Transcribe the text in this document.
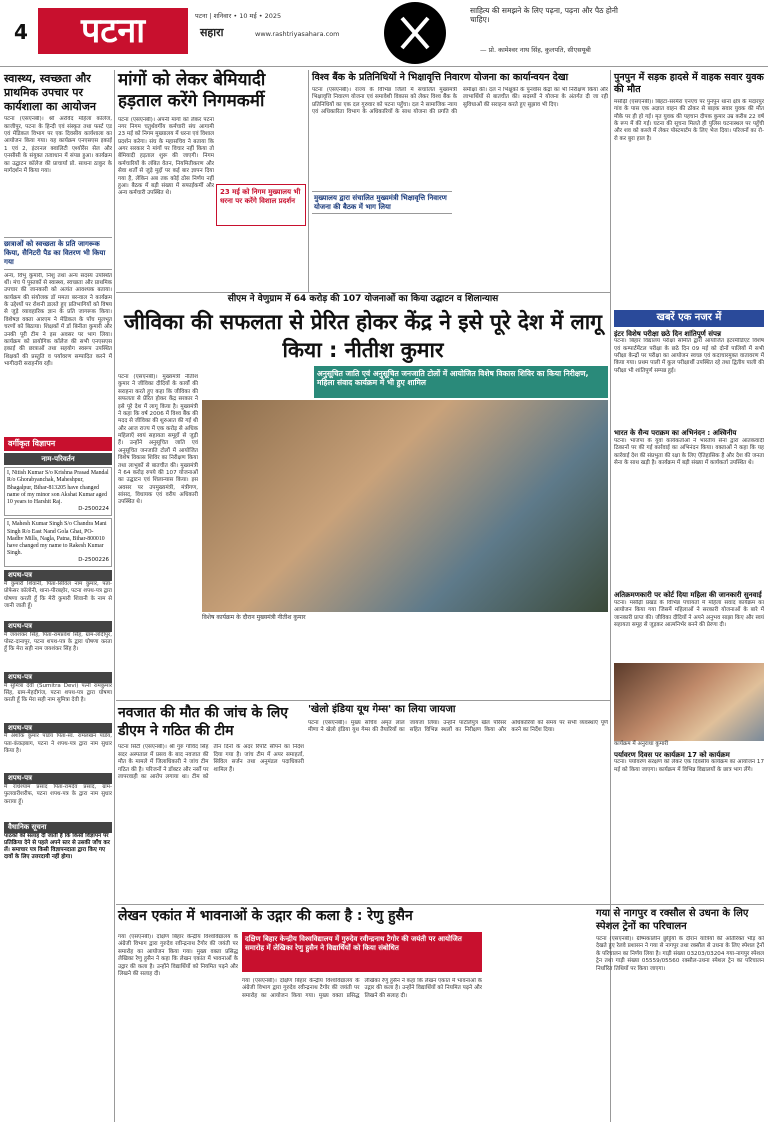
4	पटना	पटना | शनिवार • 10 मई • 2025
सहारा	www.rashtriyasahara.com
साहित्य की समझने के लिए पढ़ना, पढ़ना और पैठ होनी चाहिए।
— प्रो. कामेश्वर नाथ सिंह, कुलपति, सीएसयूबी
स्वास्थ्य, स्वच्छता और प्राथमिक उपचार पर कार्यशाला का आयोजन
पटना (एसएनबी)। श्री अरविंद महिला कॉलेज, काजीपुर, पटना के हिन्दी एवं संस्कृत तथा फर्स्ट एड एवं मेडिकल विभाग पर एक दिवसीय कार्यशाला का आयोजन किया गया। यह कार्यक्रम एनएसएस इकाई 1 एवं 2, इंटरनल क्वालिटी एश्योरेंस सेल और एनसीसी के संयुक्त तत्वाधान में संपन्न हुआ। कार्यक्रम का उद्घाटन कॉलेज की प्राचार्या प्रो. साधना ठाकुर के मार्गदर्शन में किया गया।
छात्राओं को स्वच्छता के प्रति जागरूक किया, सैनिटरी पैड का वितरण भी किया गया
अन्य, विभु कुमारी, निशु तथा अन्य सदस्य उपस्थित थीं। मंच पे पुस्तकों से स्वास्थ्य, स्वच्छता और प्राथमिक उपचार की जानकारी को अत्यंत आवश्यक बताया। कार्यक्रम की संयोजक डॉ ममता बरन्वाल ने कार्यक्रम के उद्देश्यों पर रोशनी डालते हुए प्रतिभागियों को विषय से जुड़े व्यावहारिक ज्ञान के प्रति जागरूक किया। विशेषज्ञ वक्ता आरएम ने मेडिकल के पाँच मूलभूत चरणों को बिठाया। शिक्षकों में डॉ बिनीता कुमारी और उनकी पूरी टीम ने इस अवसर पर भाग लिया। कार्यक्रम को प्रायोगिक कॉलेज की सभी एनएसएस इकाई की छात्राओं तथा सहयोग स्वरूप उपस्थित शिक्षकों की प्रस्तुति व पर्यावरण सम्पादित करने में भागीदारी सराहनीय रही।
वर्गीकृत विज्ञापन
नाम-परिवर्तन
I, Nitish Kumar S/o Krishna Prasad Mandal R/o Ghorabyanchak, Maheshpur, Bhagalpur, Bihar-813205 have changed name of my minor son Akshat Kumar aged 10 years to Harshit Raj.
D-2500224
I, Mahesh Kumar Singh S/o Chandra Mani Singh R/o East Nand Gola Ghat, PO-Madhv Mills, Nagla, Patna, Bihar-800010 have changed my name to Rakesh Kumar Singh.
D-2500226
शपथ-पत्र
मैं कुमारी शिवानी, पिता-सिविल नाम कुमार, पता-प्रोफेसर कॉलोनी, थाना-पीरबहोर, पटना शपथ-पत्र द्वारा घोषणा करती हूँ कि मेरी कुमारी शिवानी के नाम से जानी जाती हूँ।
शपथ-पत्र
मैं जयशंकर सिंह, पिता-रामप्रवेश सिंह, ग्राम-लोदीपुर, पोस्ट-दानापुर, पटना शपथ-पत्र के द्वारा घोषणा करता हूँ कि मेरा सही नाम जयशंकर सिंह है।
शपथ-पत्र
मैं सुमित्रा देवी (Sumitra Devi) पत्नी रामकुमार सिंह, ग्राम-मेहदीगंज, पटना शपथ-पत्र द्वारा घोषणा करती हूँ कि मेरा सही नाम सुमित्रा देवी है।
शपथ-पत्र
मैं अशोक कुमार पांडेय पिता-स्व. रामलखन पांडेय, पता-कंकड़बाग, पटना ने शपथ-पत्र द्वारा नाम सुधार किया है।
शपथ-पत्र
मैं राधेश्याम प्रसाद पिता-रामदेव प्रसाद, ग्राम-फुलवारीशरीफ, पटना शपथ-पत्र के द्वारा नाम सुधार कराया हूँ।
वैधानिक सूचना
पाठकों को सलाह दी जाती है कि किसी विज्ञापन पर प्रतिक्रिया देने से पहले अपने स्तर से उसकी जाँच कर लें। समाचार पत्र किसी विज्ञापनदाता द्वारा किए गए दावों के लिए उत्तरदायी नहीं होगा।
मांगों को लेकर बेमियादी हड़ताल करेंगे निगमकर्मी
23 मई को निगम मुख्यालय भी धरना पर करेंगे विशाल प्रदर्शन
पटना (एसएनबी)। अपनी मांगों को लेकर पटना नगर निगम चतुर्थवर्गीय कर्मचारी संघ आगामी 23 मई को निगम मुख्यालय में धरना एवं विशाल प्रदर्शन करेगा। संघ के महासचिव ने बताया कि अगर सरकार ने मांगों पर विचार नहीं किया तो बेमियादी हड़ताल शुरू की जाएगी। निगम कर्मचारियों के लंबित वेतन, नियमितीकरण और सेवा शर्तों से जुड़े मुद्दों पर कई बार ज्ञापन दिया गया है, लेकिन अब तक कोई ठोस निर्णय नहीं हुआ। बैठक में बड़ी संख्या में सफाईकर्मी और अन्य कर्मचारी उपस्थित थे।
विश्व बैंक के प्रतिनिधियों ने भिक्षावृत्ति निवारण योजना का कार्यान्वयन देखा
पटना (एसएनबी)। राज्य के विभिन्न जिलों में संचालित मुख्यमंत्री भिक्षावृत्ति निवारण योजना एवं समावेशी विकास को लेकर विश्व बैंक के प्रतिनिधियों का एक दल गुरुवार को पटना पहुँचा। दल ने सामाजिक न्याय एवं अधिकारिता विभाग के अधिकारियों के साथ योजना की प्रगति की समीक्षा की। दल ने भिक्षुकों के पुनर्वास केंद्रों का भी निरीक्षण किया और लाभार्थियों से बातचीत की। सदस्यों ने योजना के अंतर्गत दी जा रही सुविधाओं की सराहना करते हुए सुझाव भी दिए।
मुख्यालय द्वारा संचालित मुख्यमंत्री भिक्षावृत्ति निवारण योजना की बैठक में भाग लिया
पुनपुन में सड़क हादसे में वाहक सवार युवक की मौत
मसौढ़ी (एसएनबी)। बिहटा-सरमेरा एनएच पर पुनपुन थाना क्षेत्र के मदारपुर गांव के पास एक अज्ञात वाहन की ठोकर से बाइक सवार युवक की मौत मौके पर ही हो गई। मृत युवक की पहचान दीपक कुमार उम्र करीब 22 वर्ष के रूप में की गई। घटना की सूचना मिलते ही पुलिस घटनास्थल पर पहुँची और शव को कब्जे में लेकर पोस्टमार्टम के लिए भेज दिया। परिजनों का रो-रो कर बुरा हाल है।
सीएम ने वेणुग्राम में 64 करोड़ की 107 योजनाओं का किया उद्घाटन व शिलान्यास
जीविका की सफलता से प्रेरित होकर केंद्र ने इसे पूरे देश में लागू किया : नीतीश कुमार
अनुसूचित जाति एवं अनुसूचित जनजाति टोलों में आयोजित विशेष विकास शिविर का किया निरीक्षण, महिला संवाद कार्यक्रम में भी हुए शामिल
पटना (एसएनबी)। मुख्यमंत्री नीतीश कुमार ने जीविका दीदियों के कार्यों की सराहना करते हुए कहा कि जीविका की सफलता से प्रेरित होकर केंद्र सरकार ने इसे पूरे देश में लागू किया है। मुख्यमंत्री ने कहा कि वर्ष 2006 में विश्व बैंक की मदद से जीविका की शुरुआत की गई थी और आज राज्य में एक करोड़ से अधिक महिलाएँ स्वयं सहायता समूहों से जुड़ी हैं। उन्होंने अनुसूचित जाति एवं अनुसूचित जनजाति टोलों में आयोजित विशेष विकास शिविर का निरीक्षण किया तथा लाभुकों से बातचीत की। मुख्यमंत्री ने 64 करोड़ रुपये की 107 योजनाओं का उद्घाटन एवं शिलान्यास किया। इस अवसर पर उपमुख्यमंत्री, मंत्रीगण, सांसद, विधायक एवं वरीय अधिकारी उपस्थित थे।
विशेष कार्यक्रम के दौरान मुख्यमंत्री नीतीश कुमार
खबरें एक नजर में
इंटर विशेष परीक्षा छठे दिन शांतिपूर्ण संपन्न
पटना। बिहार विद्यालय परीक्षा समिति द्वारा आयोजित इंटरमीडिएट विशेष एवं कम्पार्टमेंटल परीक्षा के छठे दिन 09 मई को दोनों पालियों में सभी परीक्षा केन्द्रों पर परीक्षा का आयोजन स्वच्छ एवं कदाचारमुक्त वातावरण में किया गया। प्रथम पाली में कुल परीक्षार्थी उपस्थित रहे तथा द्वितीय पाली की परीक्षा भी शांतिपूर्ण सम्पन्न हुई।
भारत के सैन्य पराक्रम का अभिनंदन : अश्विनीय
पटना। भाजपा के युवा कार्यकर्ताओं ने भारतीय सेना द्वारा आतंकवादी ठिकानों पर की गई कार्रवाई का अभिनंदन किया। वक्ताओं ने कहा कि यह कार्रवाई देश की संप्रभुता की रक्षा के लिए ऐतिहासिक है और देश की जनता सेना के साथ खड़ी है। कार्यक्रम में बड़ी संख्या में कार्यकर्ता उपस्थित थे।
अतिक्रमणकारी पर कोर्ट दिया महिला की जानकारी सुनवाई
पटना। मसौढ़ी प्रखंड के विभिन्न पंचायतों में महिला संवाद कार्यक्रम का आयोजन किया गया जिसमें महिलाओं ने सरकारी योजनाओं के बारे में जानकारी प्राप्त की। जीविका दीदियों ने अपने अनुभव साझा किए और स्वयं सहायता समूह से जुड़कर आत्मनिर्भर बनने की प्रेरणा दी।
कार्यक्रम में अनुराधा कुमारी
पर्यावरण दिवस पर कार्यक्रम 17 को कार्यक्रम
पटना। पर्यावरण संरक्षण को लेकर एक दिवसीय कार्यक्रम का आयोजन 17 मई को किया जाएगा। कार्यक्रम में विभिन्न विद्यालयों के छात्र भाग लेंगे।
नवजात की मौत की जांच के लिए डीएम ने गठित की टीम
पटना सिटी (एसएनबी)। श्री गुरु गोविंद सिंह सदर अस्पताल में प्रसव के बाद नवजात की मौत के मामले में जिलाधिकारी ने जांच टीम गठित की है। परिजनों ने डॉक्टर और नर्सों पर लापरवाही का आरोप लगाया था। टीम को तीन दिनों के अंदर रिपोर्ट सौंपने का निर्देश दिया गया है। जांच टीम में अपर समाहर्ता, सिविल सर्जन तथा अनुमंडल पदाधिकारी शामिल हैं।
'खेलो इंडिया यूथ गेम्स' का लिया जायजा
पटना (एसएनबी)। मुख्य सचिव अमृत लाल मीणा ने खेलो इंडिया यूथ गेम्स की तैयारियों का जायजा लिया। उन्होंने पाटलिपुत्र खेल परिसर सहित विभिन्न स्थलों का निरीक्षण किया और अधिकारियों को समय पर सभी व्यवस्थाएँ पूर्ण करने का निर्देश दिया।
लेखन एकांत में भावनाओं के उद्गार की कला है : रेणु हुसैन
दक्षिण बिहार केन्द्रीय विश्वविद्यालय में गुरुदेव रवीन्द्रनाथ टैगोर की जयंती पर आयोजित समारोह में लेखिका रेणु हुसैन ने विद्यार्थियों को किया संबोधित
गया (एसएनबी)। दक्षिण बिहार केन्द्रीय विश्वविद्यालय के अंग्रेजी विभाग द्वारा गुरुदेव रवीन्द्रनाथ टैगोर की जयंती पर समारोह का आयोजन किया गया। मुख्य वक्ता प्रसिद्ध लेखिका रेणु हुसैन ने कहा कि लेखन एकांत में भावनाओं के उद्गार की कला है। उन्होंने विद्यार्थियों को नियमित पढ़ने और लिखने की सलाह दी।
गया (एसएनबी)। दक्षिण बिहार केन्द्रीय विश्वविद्यालय के अंग्रेजी विभाग द्वारा गुरुदेव रवीन्द्रनाथ टैगोर की जयंती पर समारोह का आयोजन किया गया। मुख्य वक्ता प्रसिद्ध लेखिका रेणु हुसैन ने कहा कि लेखन एकांत में भावनाओं के उद्गार की कला है। उन्होंने विद्यार्थियों को नियमित पढ़ने और लिखने की सलाह दी।
गया से नागपुर व रक्सौल से उधना के लिए स्पेशल ट्रेनों का परिचालन
पटना (एसएनबी)। ग्रीष्मकालीन छुट्टियों के दौरान यात्रियों की अतिरिक्त भीड़ को देखते हुए रेलवे प्रशासन ने गया से नागपुर तथा रक्सौल से उधना के लिए स्पेशल ट्रेनों के परिचालन का निर्णय लिया है। गाड़ी संख्या 03203/03204 गया-नागपुर स्पेशल ट्रेन तथा गाड़ी संख्या 05559/05560 रक्सौल-उधना स्पेशल ट्रेन का परिचालन निर्धारित तिथियों पर किया जाएगा।
